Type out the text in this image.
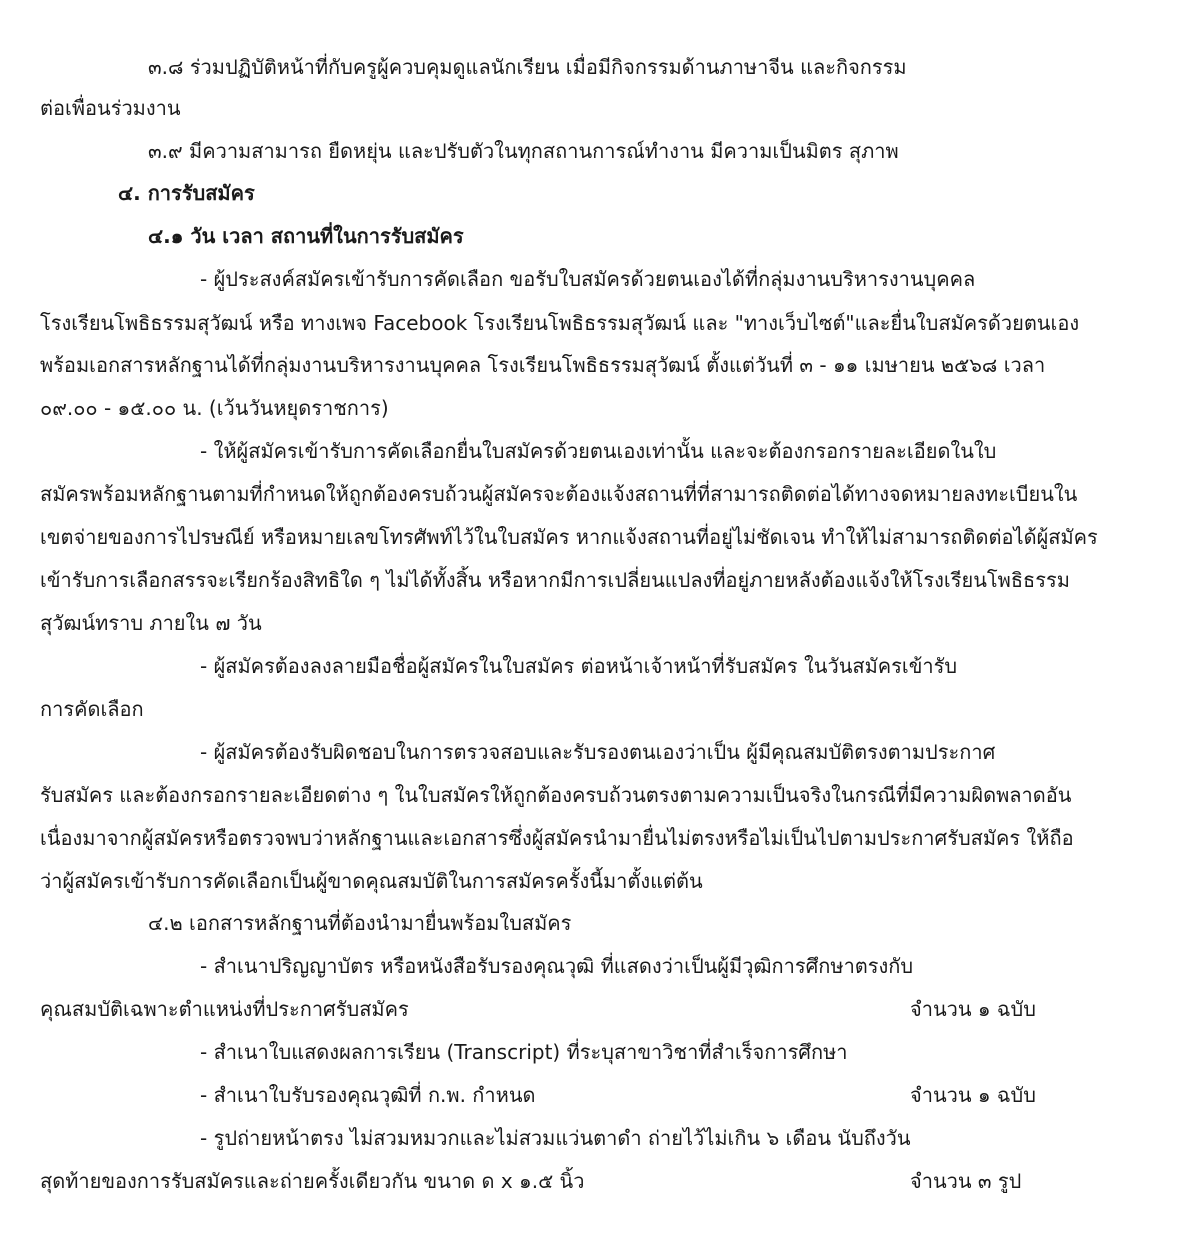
๓.๘ ร่วมปฏิบัติหน้าที่กับครูผู้ควบคุมดูแลนักเรียน เมื่อมีกิจกรรมด้านภาษาจีน และกิจกรรม
ต่อเพื่อนร่วมงาน
๓.๙ มีความสามารถ ยืดหยุ่น และปรับตัวในทุกสถานการณ์ทำงาน มีความเป็นมิตร สุภาพ
๔. การรับสมัคร
๔.๑ วัน เวลา สถานที่ในการรับสมัคร
- ผู้ประสงค์สมัครเข้ารับการคัดเลือก ขอรับใบสมัครด้วยตนเองได้ที่กลุ่มงานบริหารงานบุคคล
โรงเรียนโพธิธรรมสุวัฒน์ หรือ ทางเพจ Facebook โรงเรียนโพธิธรรมสุวัฒน์ และ "ทางเว็บไซต์"และยื่นใบสมัครด้วยตนเอง
พร้อมเอกสารหลักฐานได้ที่กลุ่มงานบริหารงานบุคคล โรงเรียนโพธิธรรมสุวัฒน์ ตั้งแต่วันที่ ๓ - ๑๑ เมษายน ๒๕๖๘ เวลา
๐๙.๐๐ - ๑๕.๐๐ น. (เว้นวันหยุดราชการ)
- ให้ผู้สมัครเข้ารับการคัดเลือกยื่นใบสมัครด้วยตนเองเท่านั้น และจะต้องกรอกรายละเอียดในใบ
สมัครพร้อมหลักฐานตามที่กำหนดให้ถูกต้องครบถ้วนผู้สมัครจะต้องแจ้งสถานที่ที่สามารถติดต่อได้ทางจดหมายลงทะเบียนใน
เขตจ่ายของการไปรษณีย์ หรือหมายเลขโทรศัพท์ไว้ในใบสมัคร หากแจ้งสถานที่อยู่ไม่ชัดเจน ทำให้ไม่สามารถติดต่อได้ผู้สมัคร
เข้ารับการเลือกสรรจะเรียกร้องสิทธิใด ๆ ไม่ได้ทั้งสิ้น หรือหากมีการเปลี่ยนแปลงที่อยู่ภายหลังต้องแจ้งให้โรงเรียนโพธิธรรม
สุวัฒน์ทราบ ภายใน ๗ วัน
- ผู้สมัครต้องลงลายมือชื่อผู้สมัครในใบสมัคร ต่อหน้าเจ้าหน้าที่รับสมัคร ในวันสมัครเข้ารับ
การคัดเลือก
- ผู้สมัครต้องรับผิดชอบในการตรวจสอบและรับรองตนเองว่าเป็น ผู้มีคุณสมบัติตรงตามประกาศ
รับสมัคร และต้องกรอกรายละเอียดต่าง ๆ ในใบสมัครให้ถูกต้องครบถ้วนตรงตามความเป็นจริงในกรณีที่มีความผิดพลาดอัน
เนื่องมาจากผู้สมัครหรือตรวจพบว่าหลักฐานและเอกสารซึ่งผู้สมัครนำมายื่นไม่ตรงหรือไม่เป็นไปตามประกาศรับสมัคร ให้ถือ
ว่าผู้สมัครเข้ารับการคัดเลือกเป็นผู้ขาดคุณสมบัติในการสมัครครั้งนี้มาตั้งแต่ต้น
๔.๒ เอกสารหลักฐานที่ต้องนำมายื่นพร้อมใบสมัคร
- สำเนาปริญญาบัตร หรือหนังสือรับรองคุณวุฒิ ที่แสดงว่าเป็นผู้มีวุฒิการศึกษาตรงกับ
คุณสมบัติเฉพาะตำแหน่งที่ประกาศรับสมัคร	จำนวน ๑ ฉบับ
- สำเนาใบแสดงผลการเรียน (Transcript) ที่ระบุสาขาวิชาที่สำเร็จการศึกษา
- สำเนาใบรับรองคุณวุฒิที่ ก.พ. กำหนด	จำนวน ๑ ฉบับ
- รูปถ่ายหน้าตรง ไม่สวมหมวกและไม่สวมแว่นตาดำ ถ่ายไว้ไม่เกิน ๖ เดือน นับถึงวัน
สุดท้ายของการรับสมัครและถ่ายครั้งเดียวกัน ขนาด ด x ๑.๕ นิ้ว	จำนวน ๓ รูป
